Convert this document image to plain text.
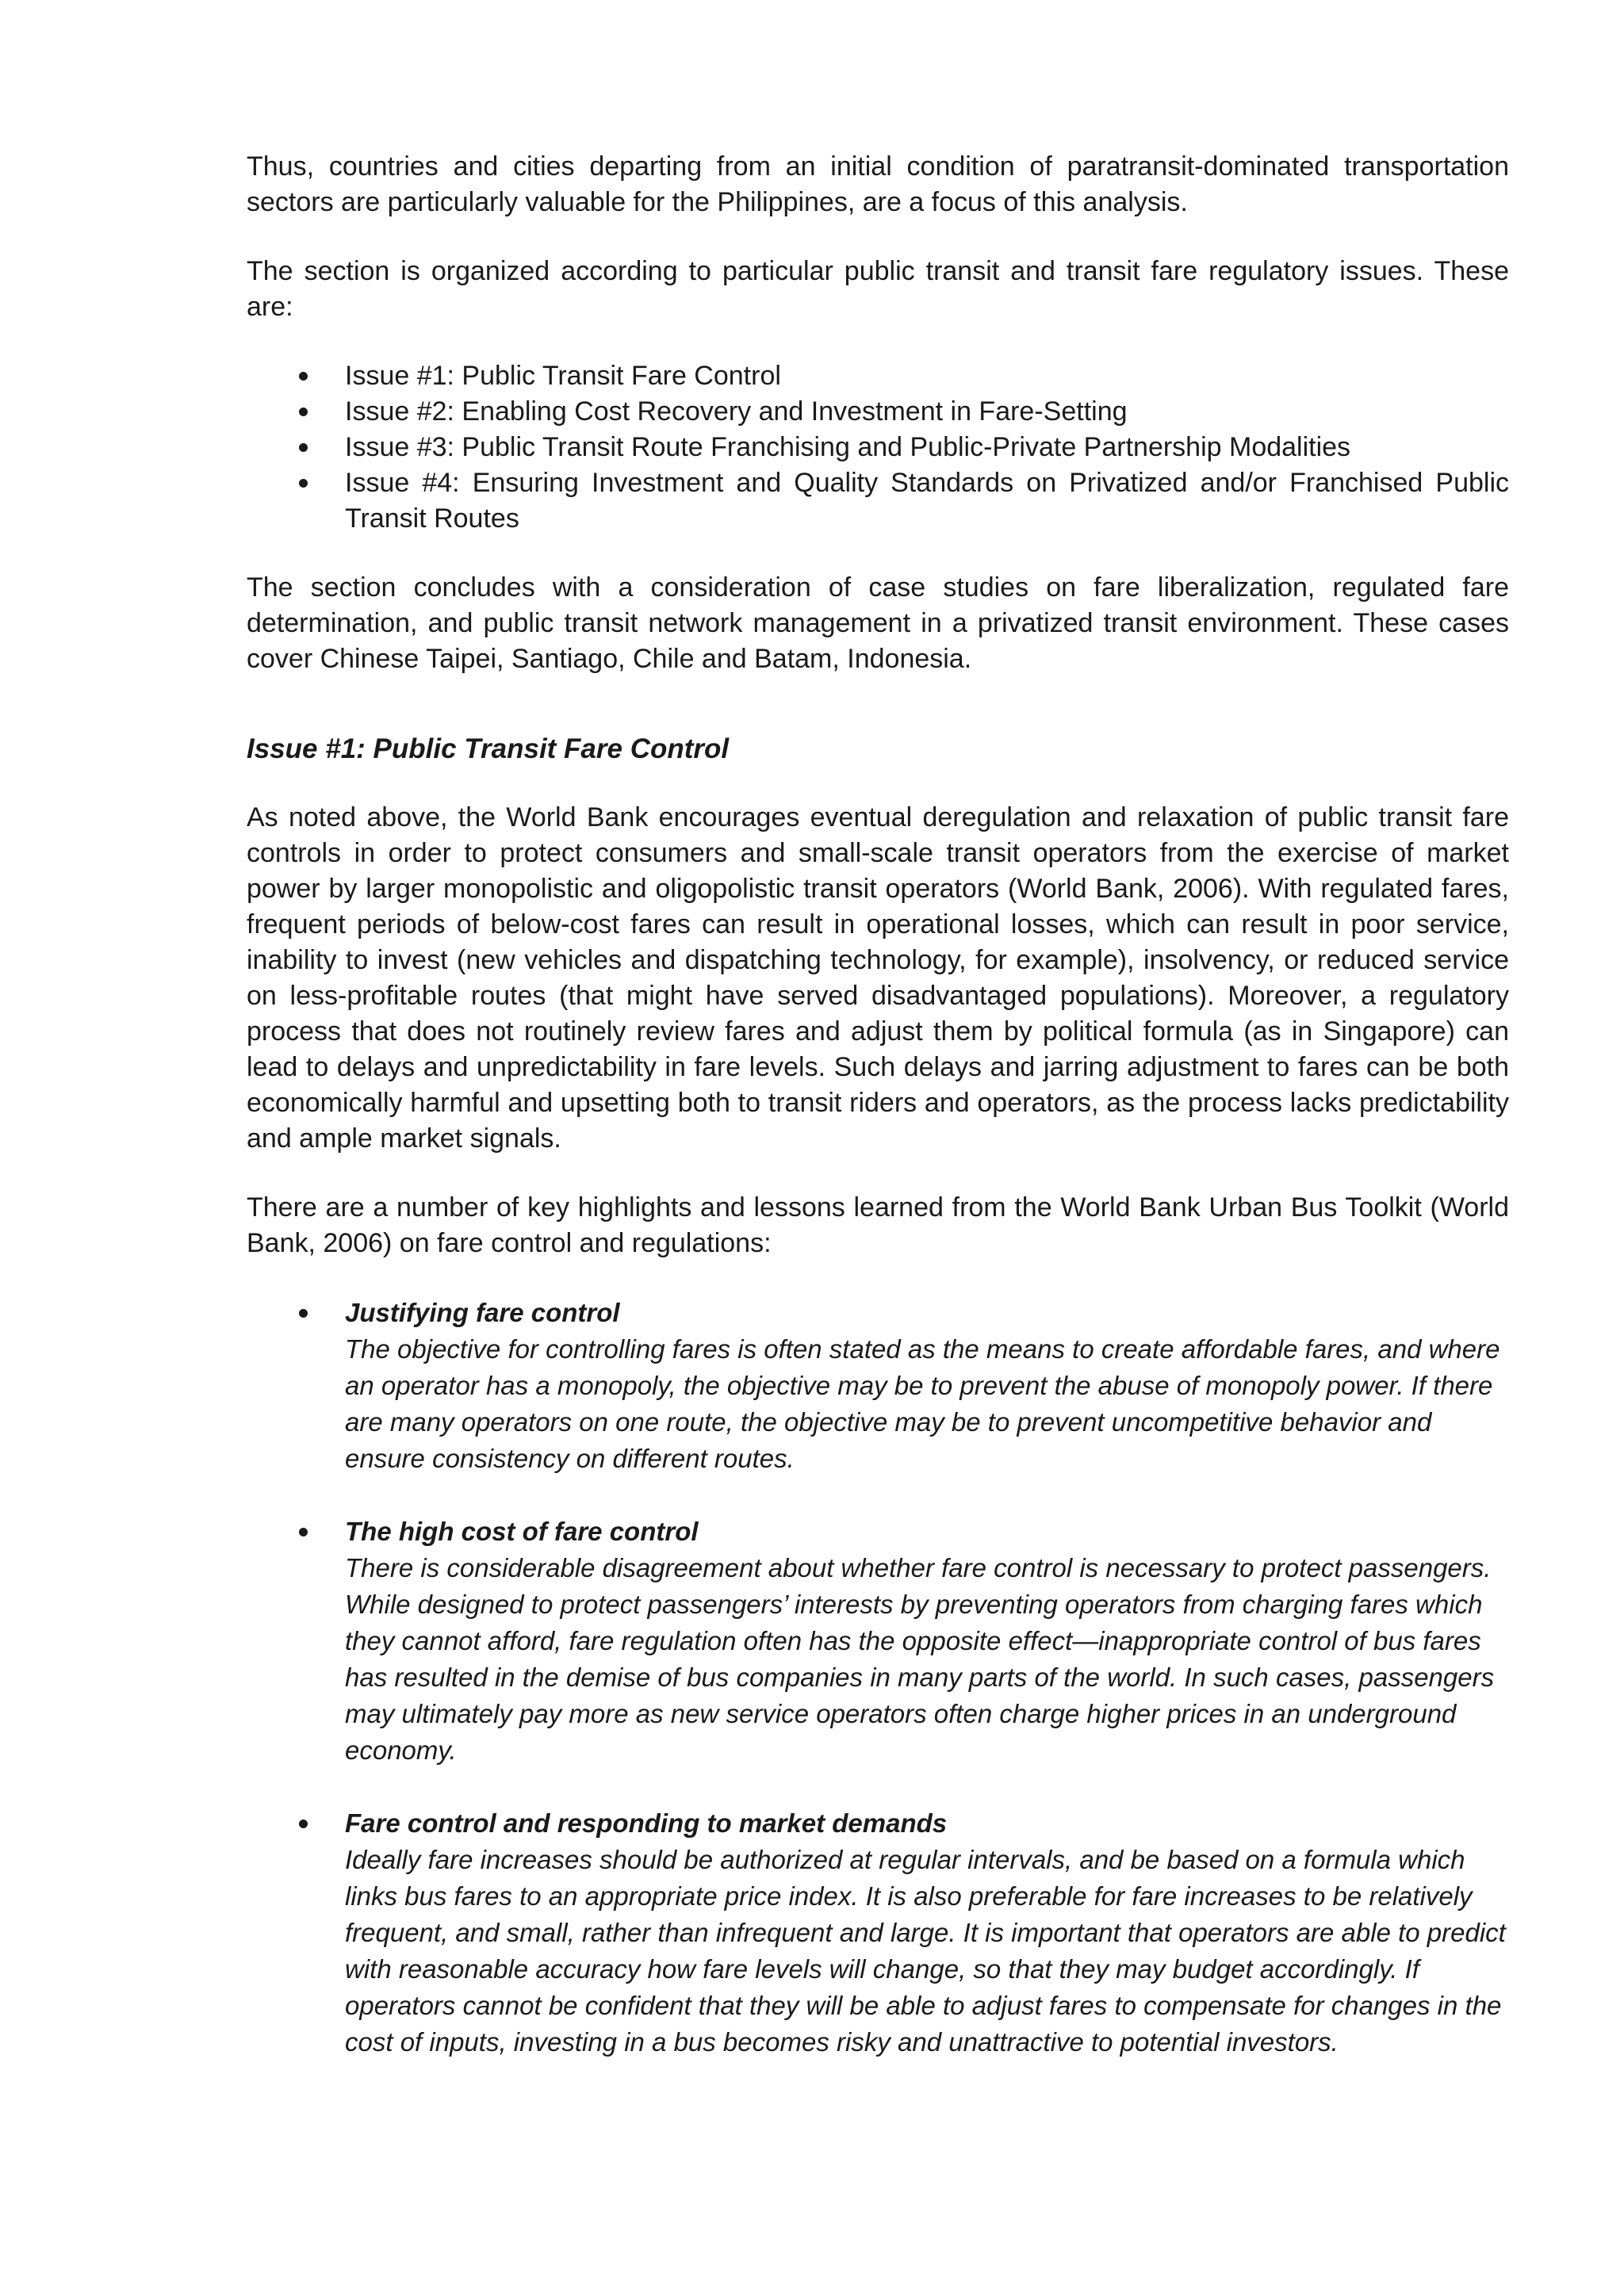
Thus, countries and cities departing from an initial condition of paratransit-dominated transportation sectors are particularly valuable for the Philippines, are a focus of this analysis.

The section is organized according to particular public transit and transit fare regulatory issues. These are:

Issue #1: Public Transit Fare Control
Issue #2: Enabling Cost Recovery and Investment in Fare-Setting
Issue #3: Public Transit Route Franchising and Public-Private Partnership Modalities
Issue #4: Ensuring Investment and Quality Standards on Privatized and/or Franchised Public Transit Routes

The section concludes with a consideration of case studies on fare liberalization, regulated fare determination, and public transit network management in a privatized transit environment. These cases cover Chinese Taipei, Santiago, Chile and Batam, Indonesia.

Issue #1: Public Transit Fare Control

As noted above, the World Bank encourages eventual deregulation and relaxation of public transit fare controls in order to protect consumers and small-scale transit operators from the exercise of market power by larger monopolistic and oligopolistic transit operators (World Bank, 2006). With regulated fares, frequent periods of below-cost fares can result in operational losses, which can result in poor service, inability to invest (new vehicles and dispatching technology, for example), insolvency, or reduced service on less-profitable routes (that might have served disadvantaged populations). Moreover, a regulatory process that does not routinely review fares and adjust them by political formula (as in Singapore) can lead to delays and unpredictability in fare levels. Such delays and jarring adjustment to fares can be both economically harmful and upsetting both to transit riders and operators, as the process lacks predictability and ample market signals.

There are a number of key highlights and lessons learned from the World Bank Urban Bus Toolkit (World Bank, 2006) on fare control and regulations:

Justifying fare control
The objective for controlling fares is often stated as the means to create affordable fares, and where an operator has a monopoly, the objective may be to prevent the abuse of monopoly power. If there are many operators on one route, the objective may be to prevent uncompetitive behavior and ensure consistency on different routes.
The high cost of fare control
There is considerable disagreement about whether fare control is necessary to protect passengers. While designed to protect passengers’ interests by preventing operators from charging fares which they cannot afford, fare regulation often has the opposite effect—inappropriate control of bus fares has resulted in the demise of bus companies in many parts of the world. In such cases, passengers may ultimately pay more as new service operators often charge higher prices in an underground economy.
Fare control and responding to market demands
Ideally fare increases should be authorized at regular intervals, and be based on a formula which links bus fares to an appropriate price index. It is also preferable for fare increases to be relatively frequent, and small, rather than infrequent and large. It is important that operators are able to predict with reasonable accuracy how fare levels will change, so that they may budget accordingly. If operators cannot be confident that they will be able to adjust fares to compensate for changes in the cost of inputs, investing in a bus becomes risky and unattractive to potential investors.
